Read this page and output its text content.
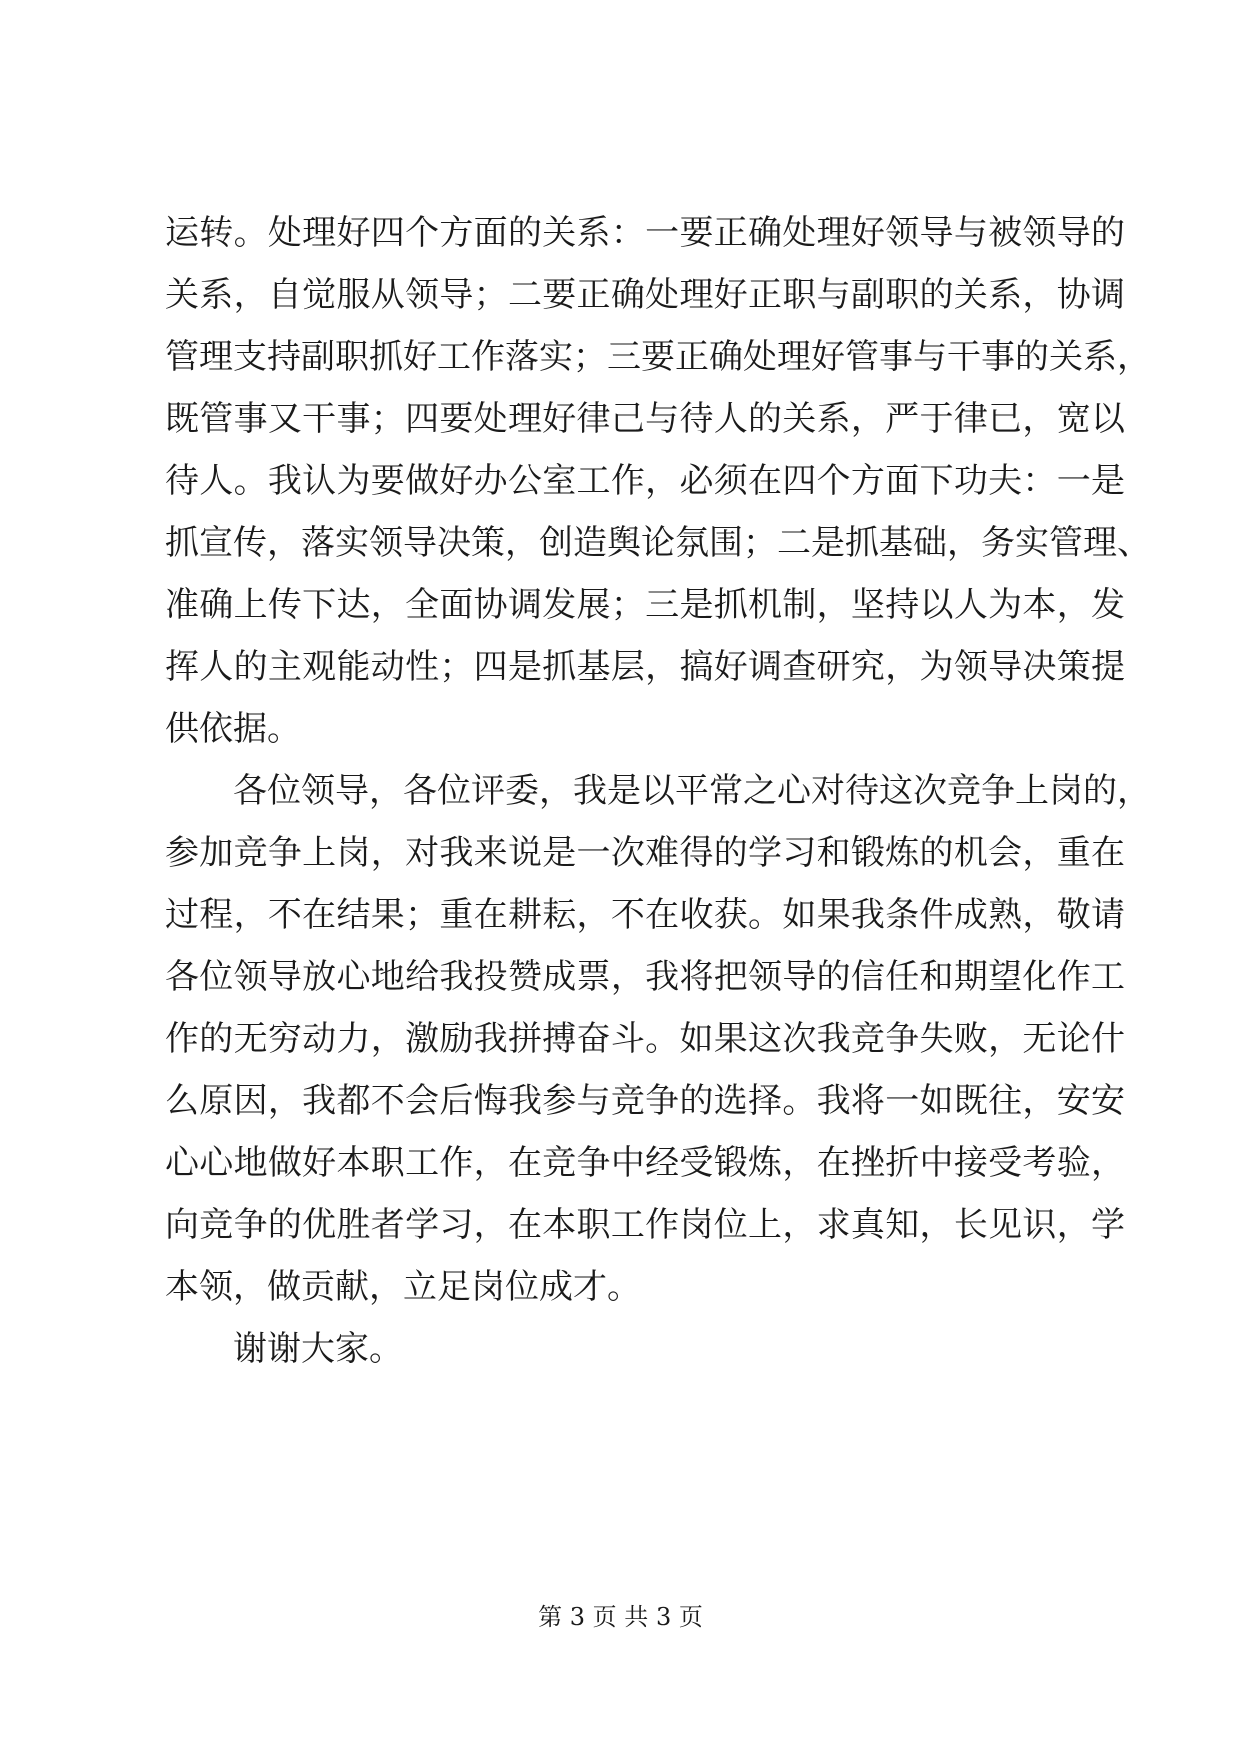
运转。处理好四个方面的关系：一要正确处理好领导与被领导的
关系，自觉服从领导；二要正确处理好正职与副职的关系，协调
管理支持副职抓好工作落实；三要正确处理好管事与干事的关系，
既管事又干事；四要处理好律己与待人的关系，严于律已，宽以
待人。我认为要做好办公室工作，必须在四个方面下功夫：一是
抓宣传，落实领导决策，创造舆论氛围；二是抓基础，务实管理、
准确上传下达，全面协调发展；三是抓机制，坚持以人为本，发
挥人的主观能动性；四是抓基层，搞好调查研究，为领导决策提
供依据。
各位领导，各位评委，我是以平常之心对待这次竞争上岗的，
参加竞争上岗，对我来说是一次难得的学习和锻炼的机会，重在
过程，不在结果；重在耕耘，不在收获。如果我条件成熟，敬请
各位领导放心地给我投赞成票，我将把领导的信任和期望化作工
作的无穷动力，激励我拼搏奋斗。如果这次我竞争失败，无论什
么原因，我都不会后悔我参与竞争的选择。我将一如既往，安安
心心地做好本职工作，在竞争中经受锻炼，在挫折中接受考验，
向竞争的优胜者学习，在本职工作岗位上，求真知，长见识，学
本领，做贡献，立足岗位成才。
谢谢大家。
第 3 页 共 3 页
